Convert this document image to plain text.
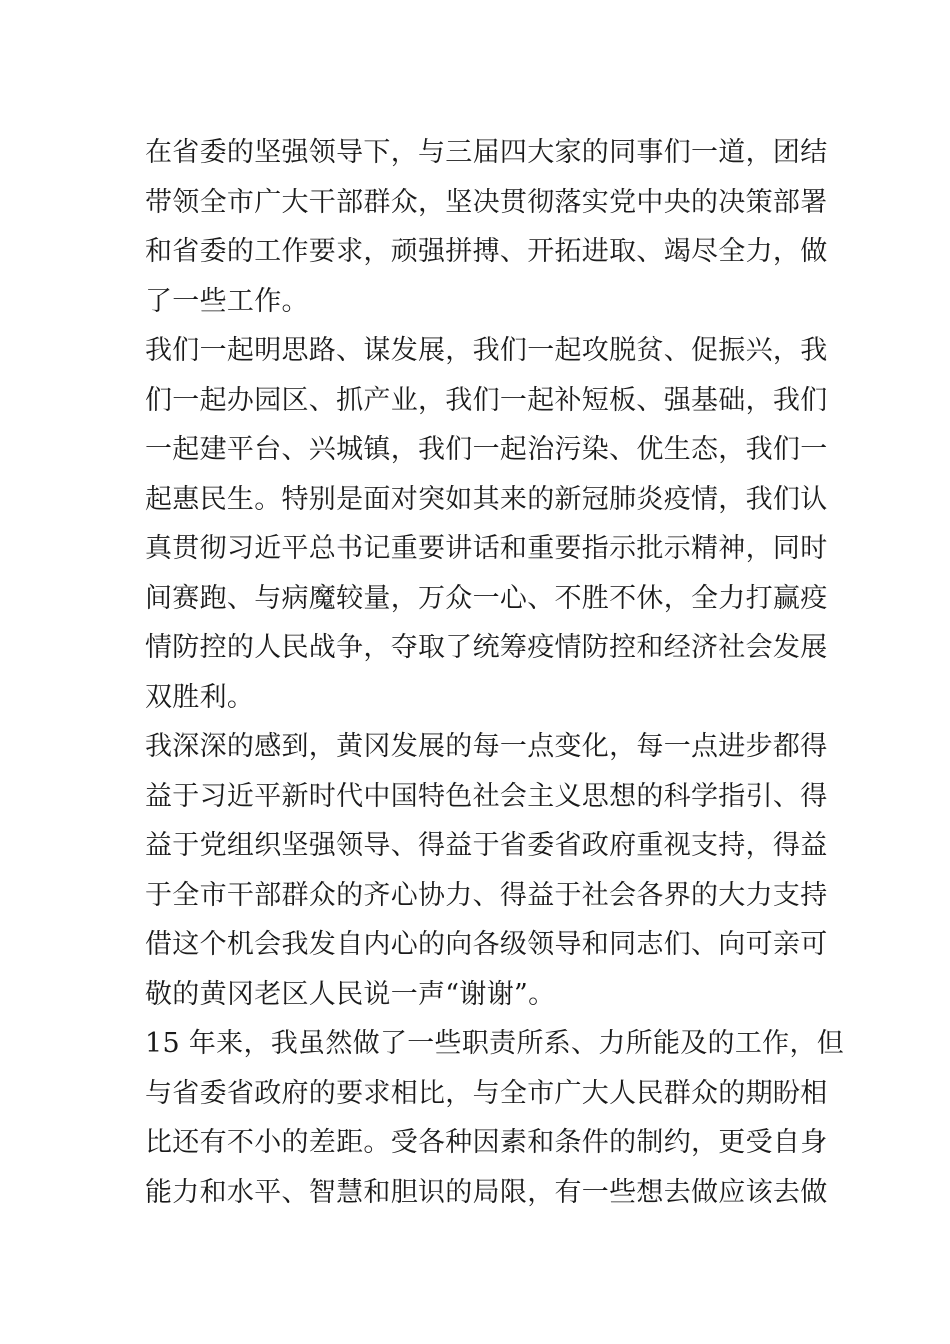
在省委的坚强领导下，与三届四大家的同事们一道，团结
带领全市广大干部群众，坚决贯彻落实党中央的决策部署
和省委的工作要求，顽强拼搏、开拓进取、竭尽全力，做
了一些工作。

我们一起明思路、谋发展，我们一起攻脱贫、促振兴，我
们一起办园区、抓产业，我们一起补短板、强基础，我们
一起建平台、兴城镇，我们一起治污染、优生态，我们一
起惠民生。特别是面对突如其来的新冠肺炎疫情，我们认
真贯彻习近平总书记重要讲话和重要指示批示精神，同时
间赛跑、与病魔较量，万众一心、不胜不休，全力打赢疫
情防控的人民战争，夺取了统筹疫情防控和经济社会发展
双胜利。

我深深的感到，黄冈发展的每一点变化，每一点进步都得
益于习近平新时代中国特色社会主义思想的科学指引、得
益于党组织坚强领导、得益于省委省政府重视支持，得益
于全市干部群众的齐心协力、得益于社会各界的大力支持
借这个机会我发自内心的向各级领导和同志们、向可亲可
敬的黄冈老区人民说一声“谢谢”。

15 年来，我虽然做了一些职责所系、力所能及的工作，但
与省委省政府的要求相比，与全市广大人民群众的期盼相
比还有不小的差距。受各种因素和条件的制约，更受自身
能力和水平、智慧和胆识的局限，有一些想去做应该去做
